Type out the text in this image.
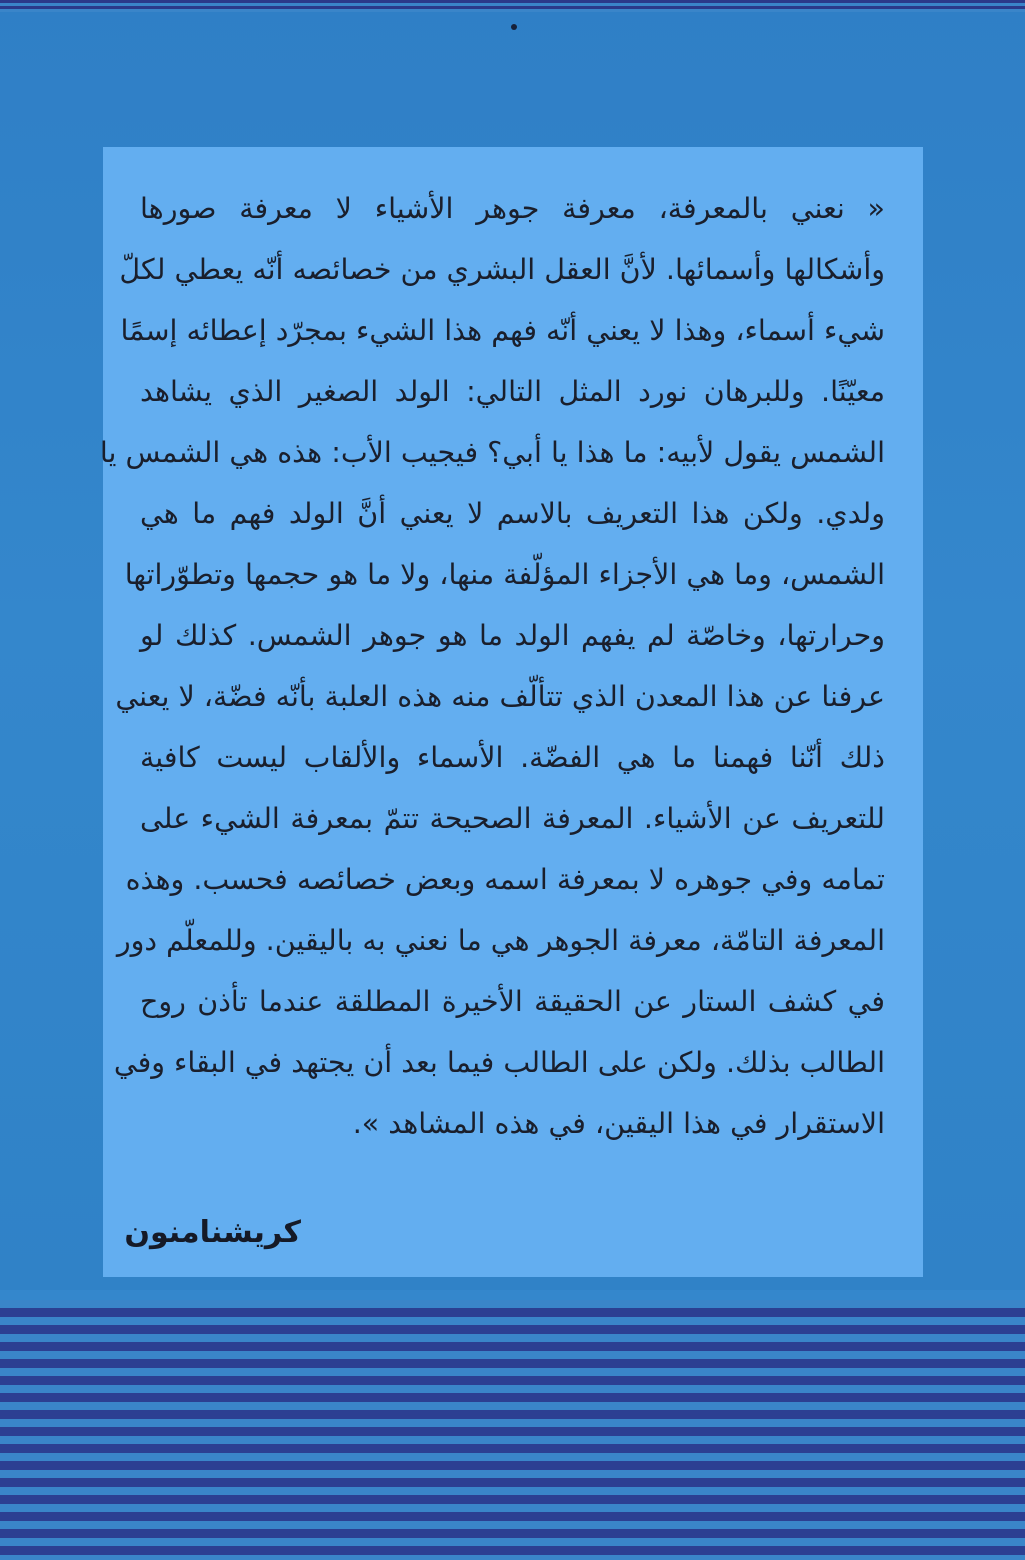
« نعني بالمعرفة، معرفة جوهر الأشياء لا معرفة صورها
وأشكالها وأسمائها. لأنَّ العقل البشري من خصائصه أنّه يعطي لكلّ
شيء أسماء، وهذا لا يعني أنّه فهم هذا الشيء بمجرّد إعطائه إسمًا
معيّنًا. وللبرهان نورد المثل التالي: الولد الصغير الذي يشاهد
الشمس يقول لأبيه: ما هذا يا أبي؟ فيجيب الأب: هذه هي الشمس يا
ولدي. ولكن هذا التعريف بالاسم لا يعني أنَّ الولد فهم ما هي
الشمس، وما هي الأجزاء المؤلّفة منها، ولا ما هو حجمها وتطوّراتها
وحرارتها، وخاصّة لم يفهم الولد ما هو جوهر الشمس. كذلك لو
عرفنا عن هذا المعدن الذي تتألّف منه هذه العلبة بأنّه فضّة، لا يعني
ذلك أنّنا فهمنا ما هي الفضّة. الأسماء والألقاب ليست كافية
للتعريف عن الأشياء. المعرفة الصحيحة تتمّ بمعرفة الشيء على
تمامه وفي جوهره لا بمعرفة اسمه وبعض خصائصه فحسب. وهذه
المعرفة التامّة، معرفة الجوهر هي ما نعني به باليقين. وللمعلّم دور
في كشف الستار عن الحقيقة الأخيرة المطلقة عندما تأذن روح
الطالب بذلك. ولكن على الطالب فيما بعد أن يجتهد في البقاء وفي
الاستقرار في هذا اليقين، في هذه المشاهد ».
كريشنامنون
